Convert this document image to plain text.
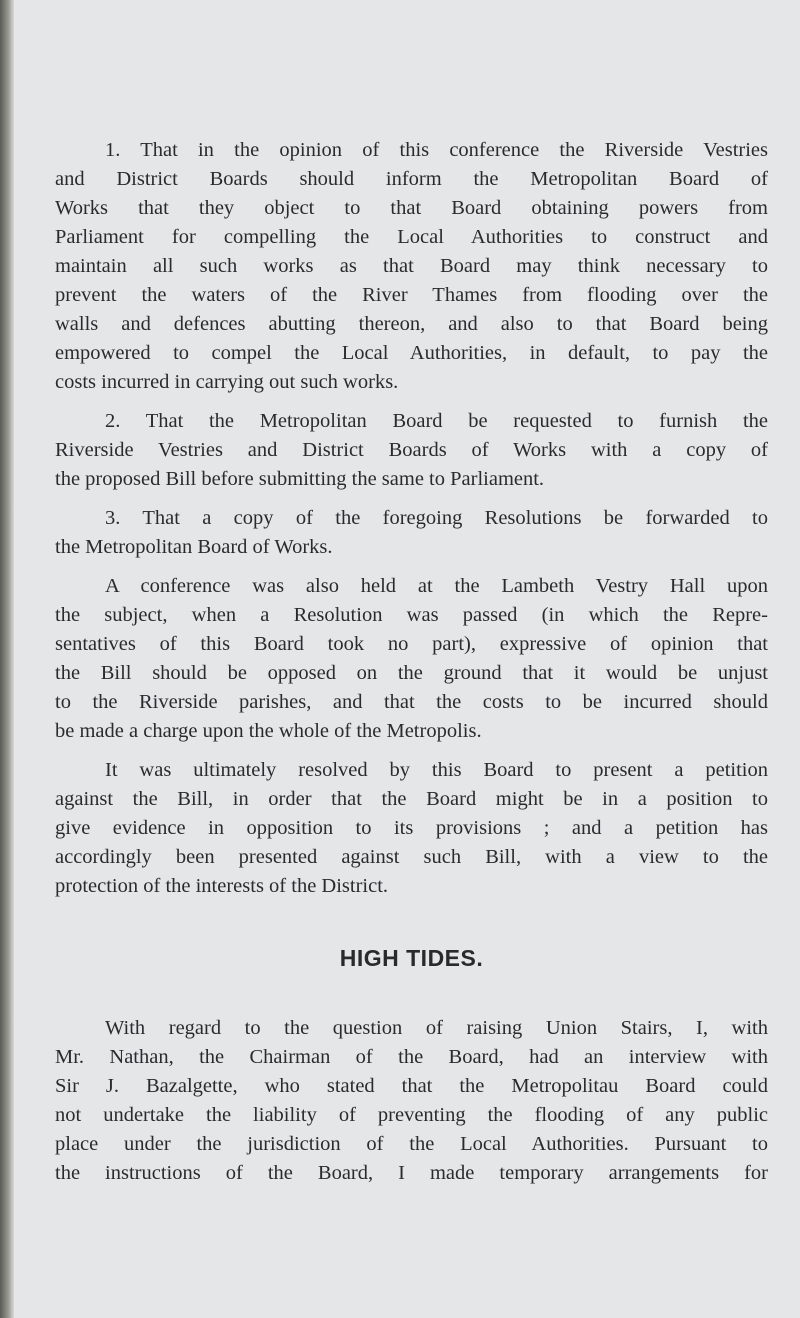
1. That in the opinion of this conference the Riverside Vestries
and District Boards should inform the Metropolitan Board of
Works that they object to that Board obtaining powers from
Parliament for compelling the Local Authorities to construct and
maintain all such works as that Board may think necessary to
prevent the waters of the River Thames from flooding over the
walls and defences abutting thereon, and also to that Board being
empowered to compel the Local Authorities, in default, to pay the
costs incurred in carrying out such works.
2. That the Metropolitan Board be requested to furnish the
Riverside Vestries and District Boards of Works with a copy of
the proposed Bill before submitting the same to Parliament.
3. That a copy of the foregoing Resolutions be forwarded to
the Metropolitan Board of Works.
A conference was also held at the Lambeth Vestry Hall upon
the subject, when a Resolution was passed (in which the Repre-
sentatives of this Board took no part), expressive of opinion that
the Bill should be opposed on the ground that it would be unjust
to the Riverside parishes, and that the costs to be incurred should
be made a charge upon the whole of the Metropolis.
It was ultimately resolved by this Board to present a petition
against the Bill, in order that the Board might be in a position to
give evidence in opposition to its provisions ; and a petition has
accordingly been presented against such Bill, with a view to the
protection of the interests of the District.
HIGH TIDES.
With regard to the question of raising Union Stairs, I, with
Mr. Nathan, the Chairman of the Board, had an interview with
Sir J. Bazalgette, who stated that the Metropolitau Board could
not undertake the liability of preventing the flooding of any public
place under the jurisdiction of the Local Authorities. Pursuant to
the instructions of the Board, I made temporary arrangements for
